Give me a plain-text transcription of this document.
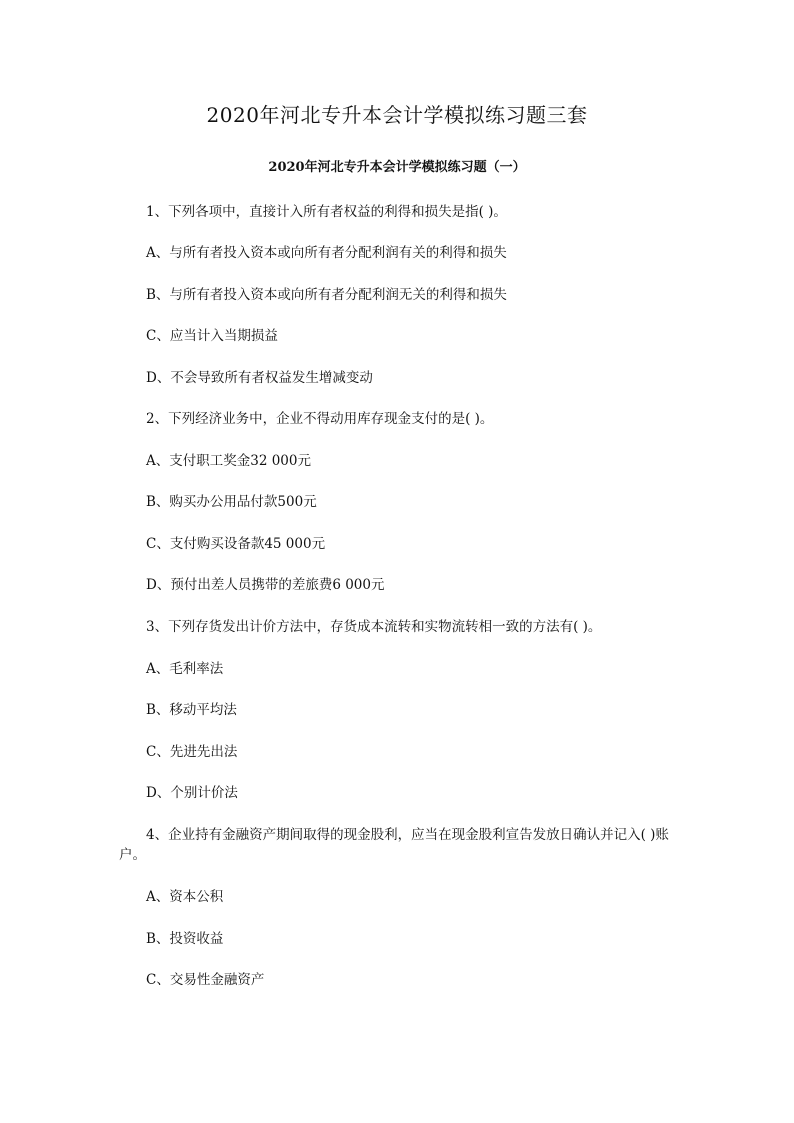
2020年河北专升本会计学模拟练习题三套
2020年河北专升本会计学模拟练习题（一）
1、下列各项中，直接计入所有者权益的利得和损失是指( )。
A、与所有者投入资本或向所有者分配利润有关的利得和损失
B、与所有者投入资本或向所有者分配利润无关的利得和损失
C、应当计入当期损益
D、不会导致所有者权益发生增减变动
2、下列经济业务中，企业不得动用库存现金支付的是( )。
A、支付职工奖金32 000元
B、购买办公用品付款500元
C、支付购买设备款45 000元
D、预付出差人员携带的差旅费6 000元
3、下列存货发出计价方法中，存货成本流转和实物流转相一致的方法有( )。
A、毛利率法
B、移动平均法
C、先进先出法
D、个别计价法
4、企业持有金融资产期间取得的现金股利，应当在现金股利宣告发放日确认并记入( )账户。
A、资本公积
B、投资收益
C、交易性金融资产
